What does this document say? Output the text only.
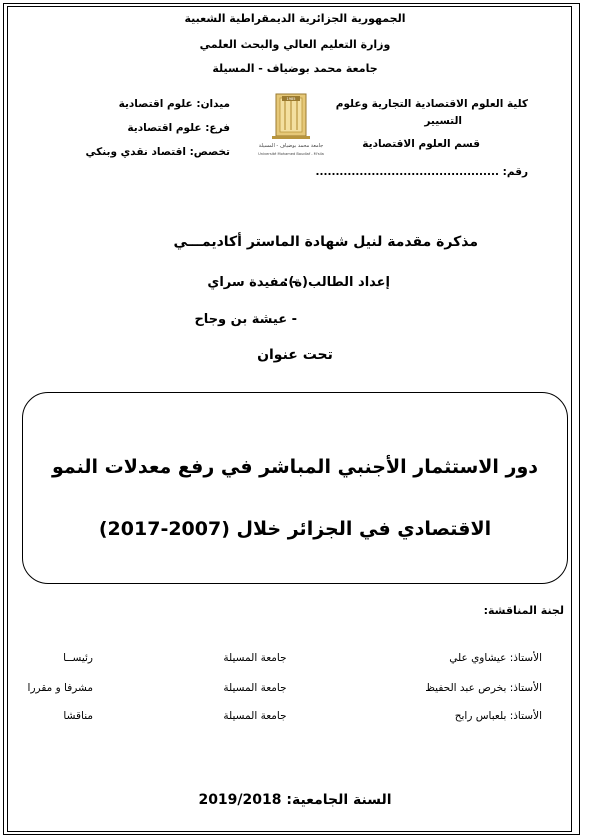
الجمهورية الجزائرية الديمقراطية الشعبية
وزارة التعليم العالي والبحث العلمي
جامعة محمد بوضياف - المسيلة
كلية العلوم الاقتصادية التجارية وعلوم
التسيير
قسم العلوم الاقتصادية
رقم: ..............................................
ميدان: علوم اقتصادية
فرع: علوم اقتصادية
تخصص: اقتصاد نقدي وبنكي
1985
جامعة محمد بوضياف - المسيلة
Université Mohamed Boudiaf - M'sila
مذكرة مقدمة لنيل شهادة الماستر أكاديمـــي
إعداد الطالب(ة):
- مفيدة سراي
- عيشة بن وجاح
تحت عنوان
دور الاستثمار الأجنبي المباشر في رفع معدلات النمو
الاقتصادي في الجزائر خلال (2007-2017)
لجنة المناقشة:
الأستاذ: عيشاوي علي
جامعة المسيلة
رئيســا
الأستاذ: بخرص عبد الحفيظ
جامعة المسيلة
مشرفا و مقررا
الأستاذ: بلعباس رابح
جامعة المسيلة
مناقشا
السنة الجامعية: 2019/2018
